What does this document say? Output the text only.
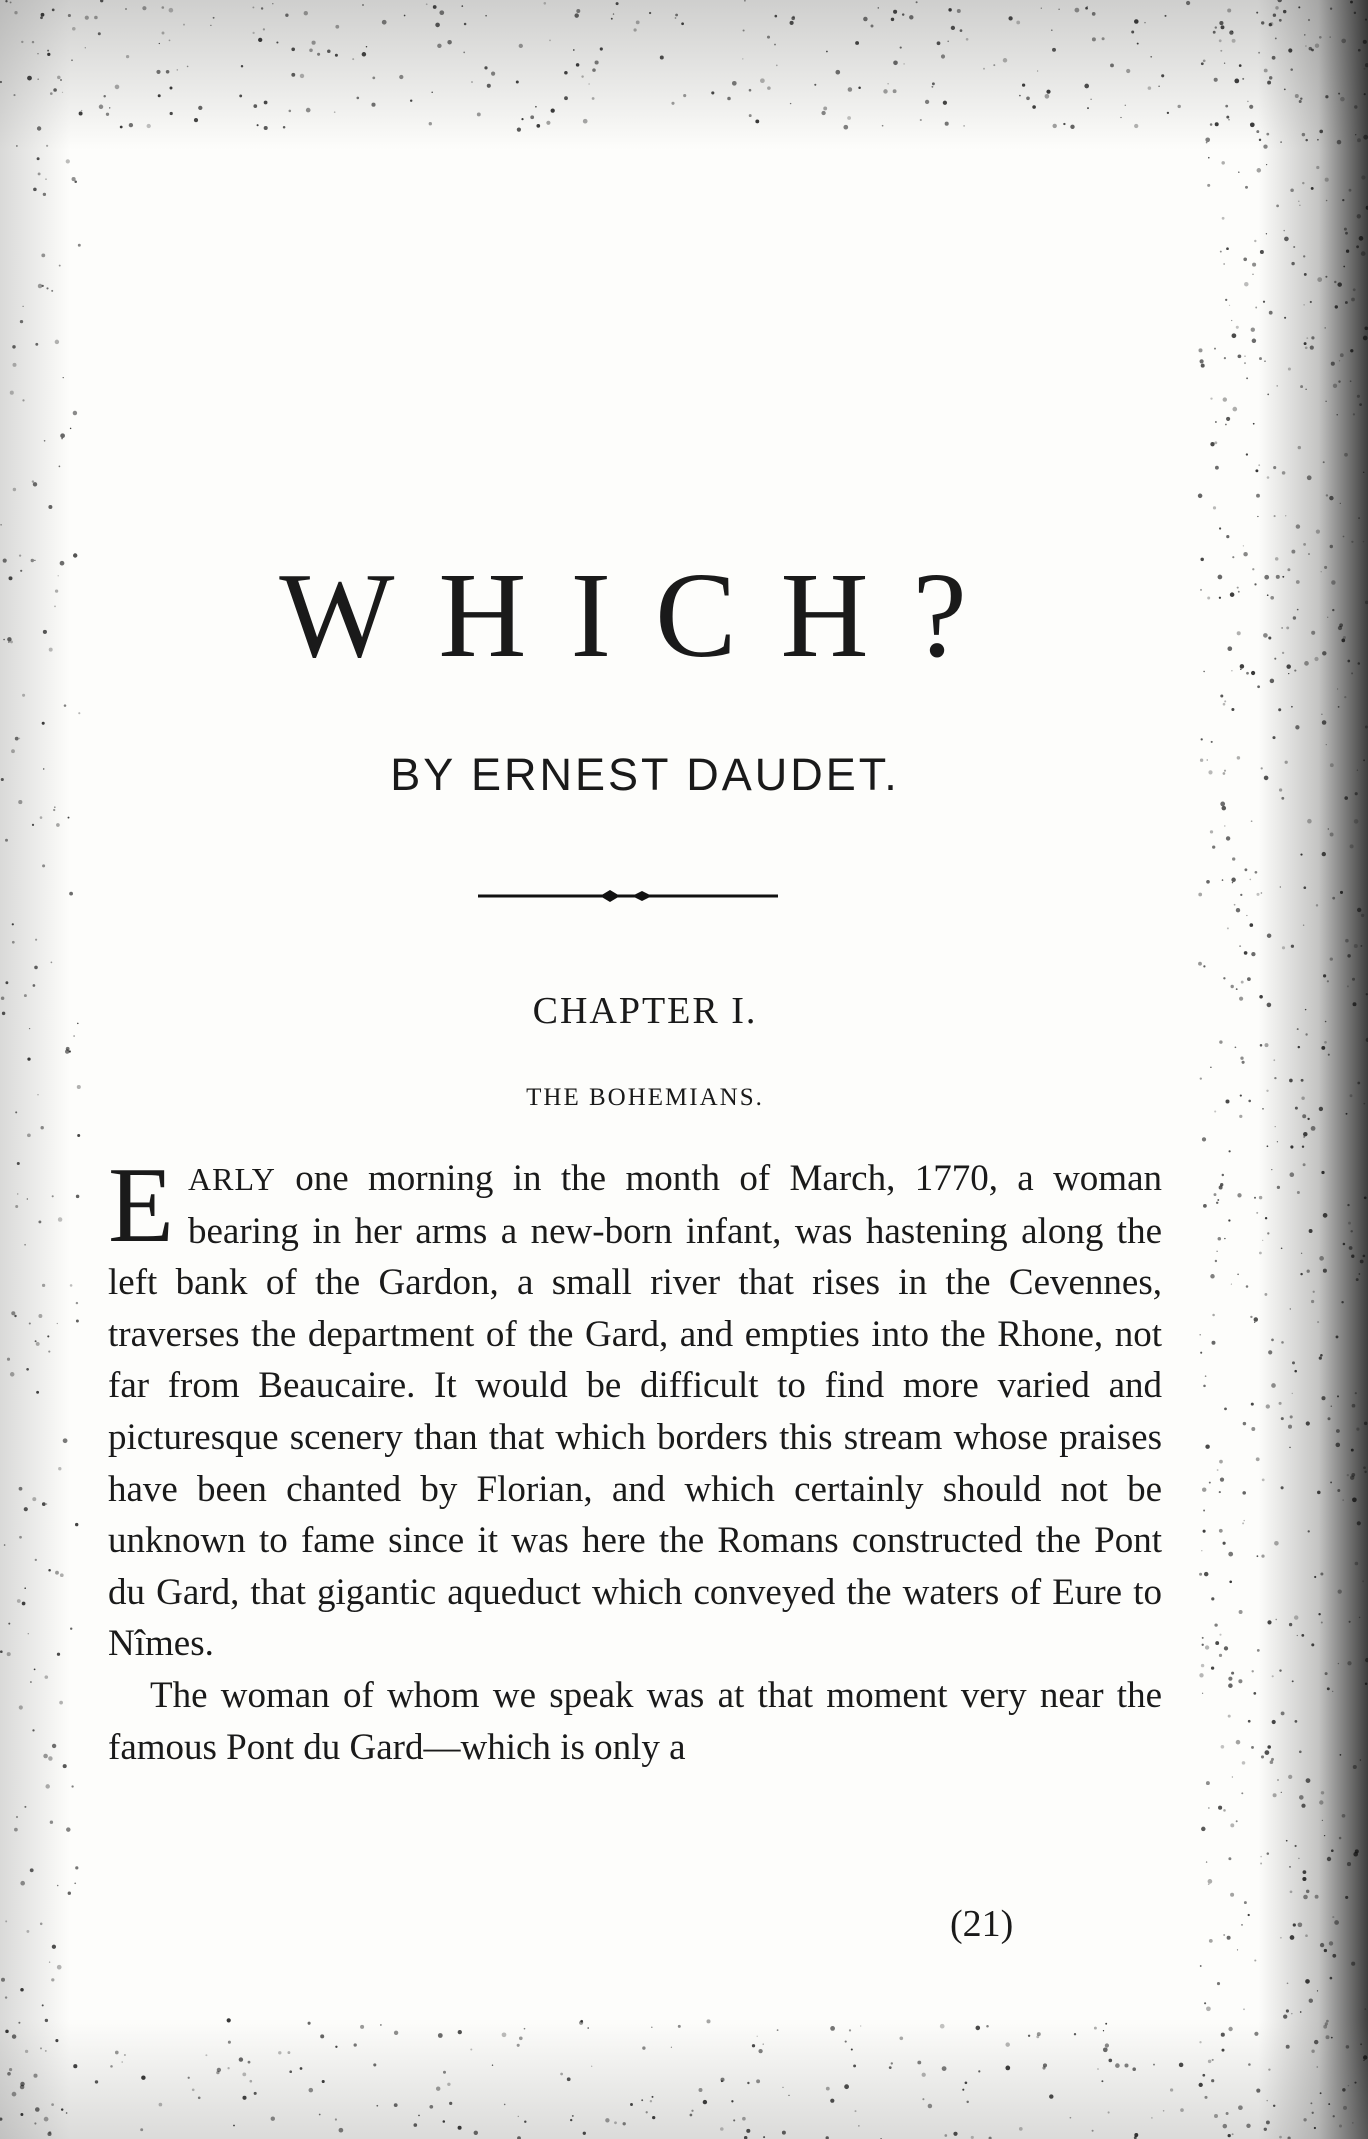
WHICH?
BY ERNEST DAUDET.
CHAPTER I.
THE BOHEMIANS.

EARLY one morning in the month of March, 1770, a woman bearing in her arms a new-born infant, was hastening along the left bank of the Gardon, a small river that rises in the Cevennes, traverses the department of the Gard, and empties into the Rhone, not far from Beaucaire. It would be difficult to find more varied and picturesque scenery than that which borders this stream whose praises have been chanted by Florian, and which certainly should not be unknown to fame since it was here the Romans constructed the Pont du Gard, that gigantic aqueduct which conveyed the waters of Eure to Nîmes.

The woman of whom we speak was at that moment very near the famous Pont du Gard—which is only a

(21)
